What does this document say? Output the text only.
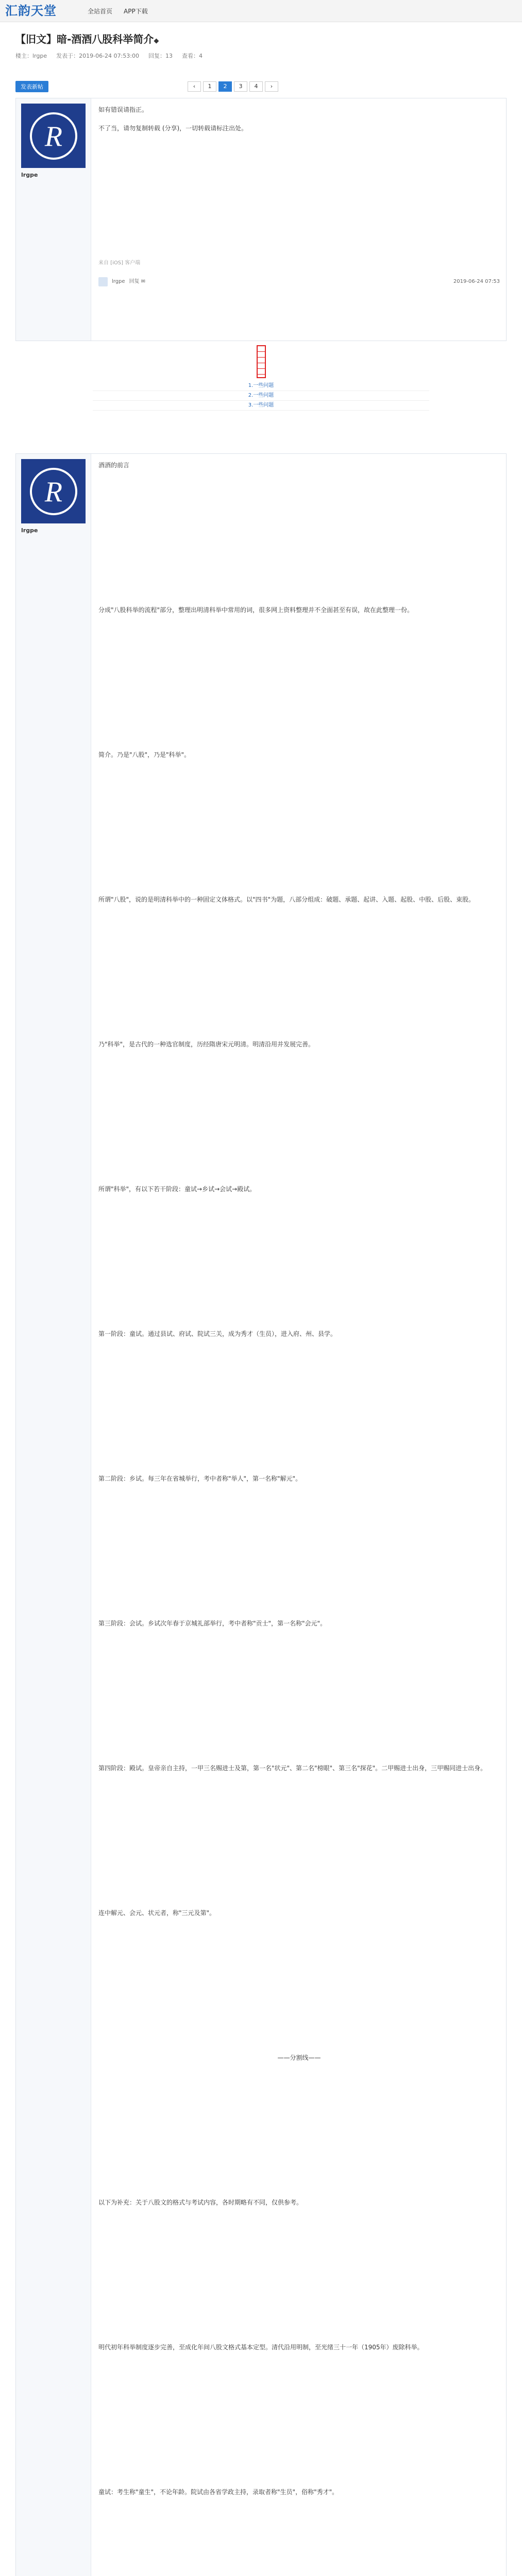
汇韵天堂	全站首页 APP下载
【旧文】暗-酒酒八股科举简介◆
楼主：lrgpe 发表于：2019-06-24 07:53:00 回复：13 查看：4
发表新帖	‹	1	2	3	4	›
R
lrgpe

如有错误请指正。

不了当，请勿复制转载 (分享)，一切转载请标注出处。

来自 [iOS] 客户端

lrgpe 回复 ✉	2019-06-24 07:53
1.一些问题
2.一些问题
3.一些问题
R
lrgpe

酒酒的前言

分成"八股科举的流程"部分，整理出明清科举中常用的词，很多网上资料整理并不全面甚至有误，故在此整理一份。

简介。乃是"八股"，乃是"科举"。

所谓"八股"，说的是明清科举中的一种固定文体格式。以"四书"为题，八部分组成：破题、承题、起讲、入题、起股、中股、后股、束股。

乃"科举"，是古代的一种选官制度，历经隋唐宋元明清。明清沿用并发展完善。

所谓"科举"，有以下若干阶段：童试→乡试→会试→殿试。

第一阶段：童试。通过县试、府试、院试三关，成为秀才（生员），进入府、州、县学。

第二阶段：乡试。每三年在省城举行，考中者称"举人"，第一名称"解元"。

第三阶段：会试。乡试次年春于京城礼部举行，考中者称"贡士"，第一名称"会元"。

第四阶段：殿试。皇帝亲自主持，一甲三名赐进士及第，第一名"状元"、第二名"榜眼"、第三名"探花"。二甲赐进士出身，三甲赐同进士出身。

连中解元、会元、状元者，称"三元及第"。

——分割线——

以下为补充：关于八股文的格式与考试内容，各时期略有不同，仅供参考。

明代初年科举制度逐步完善，至成化年间八股文格式基本定型。清代沿用明制，至光绪三十一年（1905年）废除科举。

童试：考生称"童生"，不论年龄。院试由各省学政主持，录取者称"生员"，俗称"秀才"。
